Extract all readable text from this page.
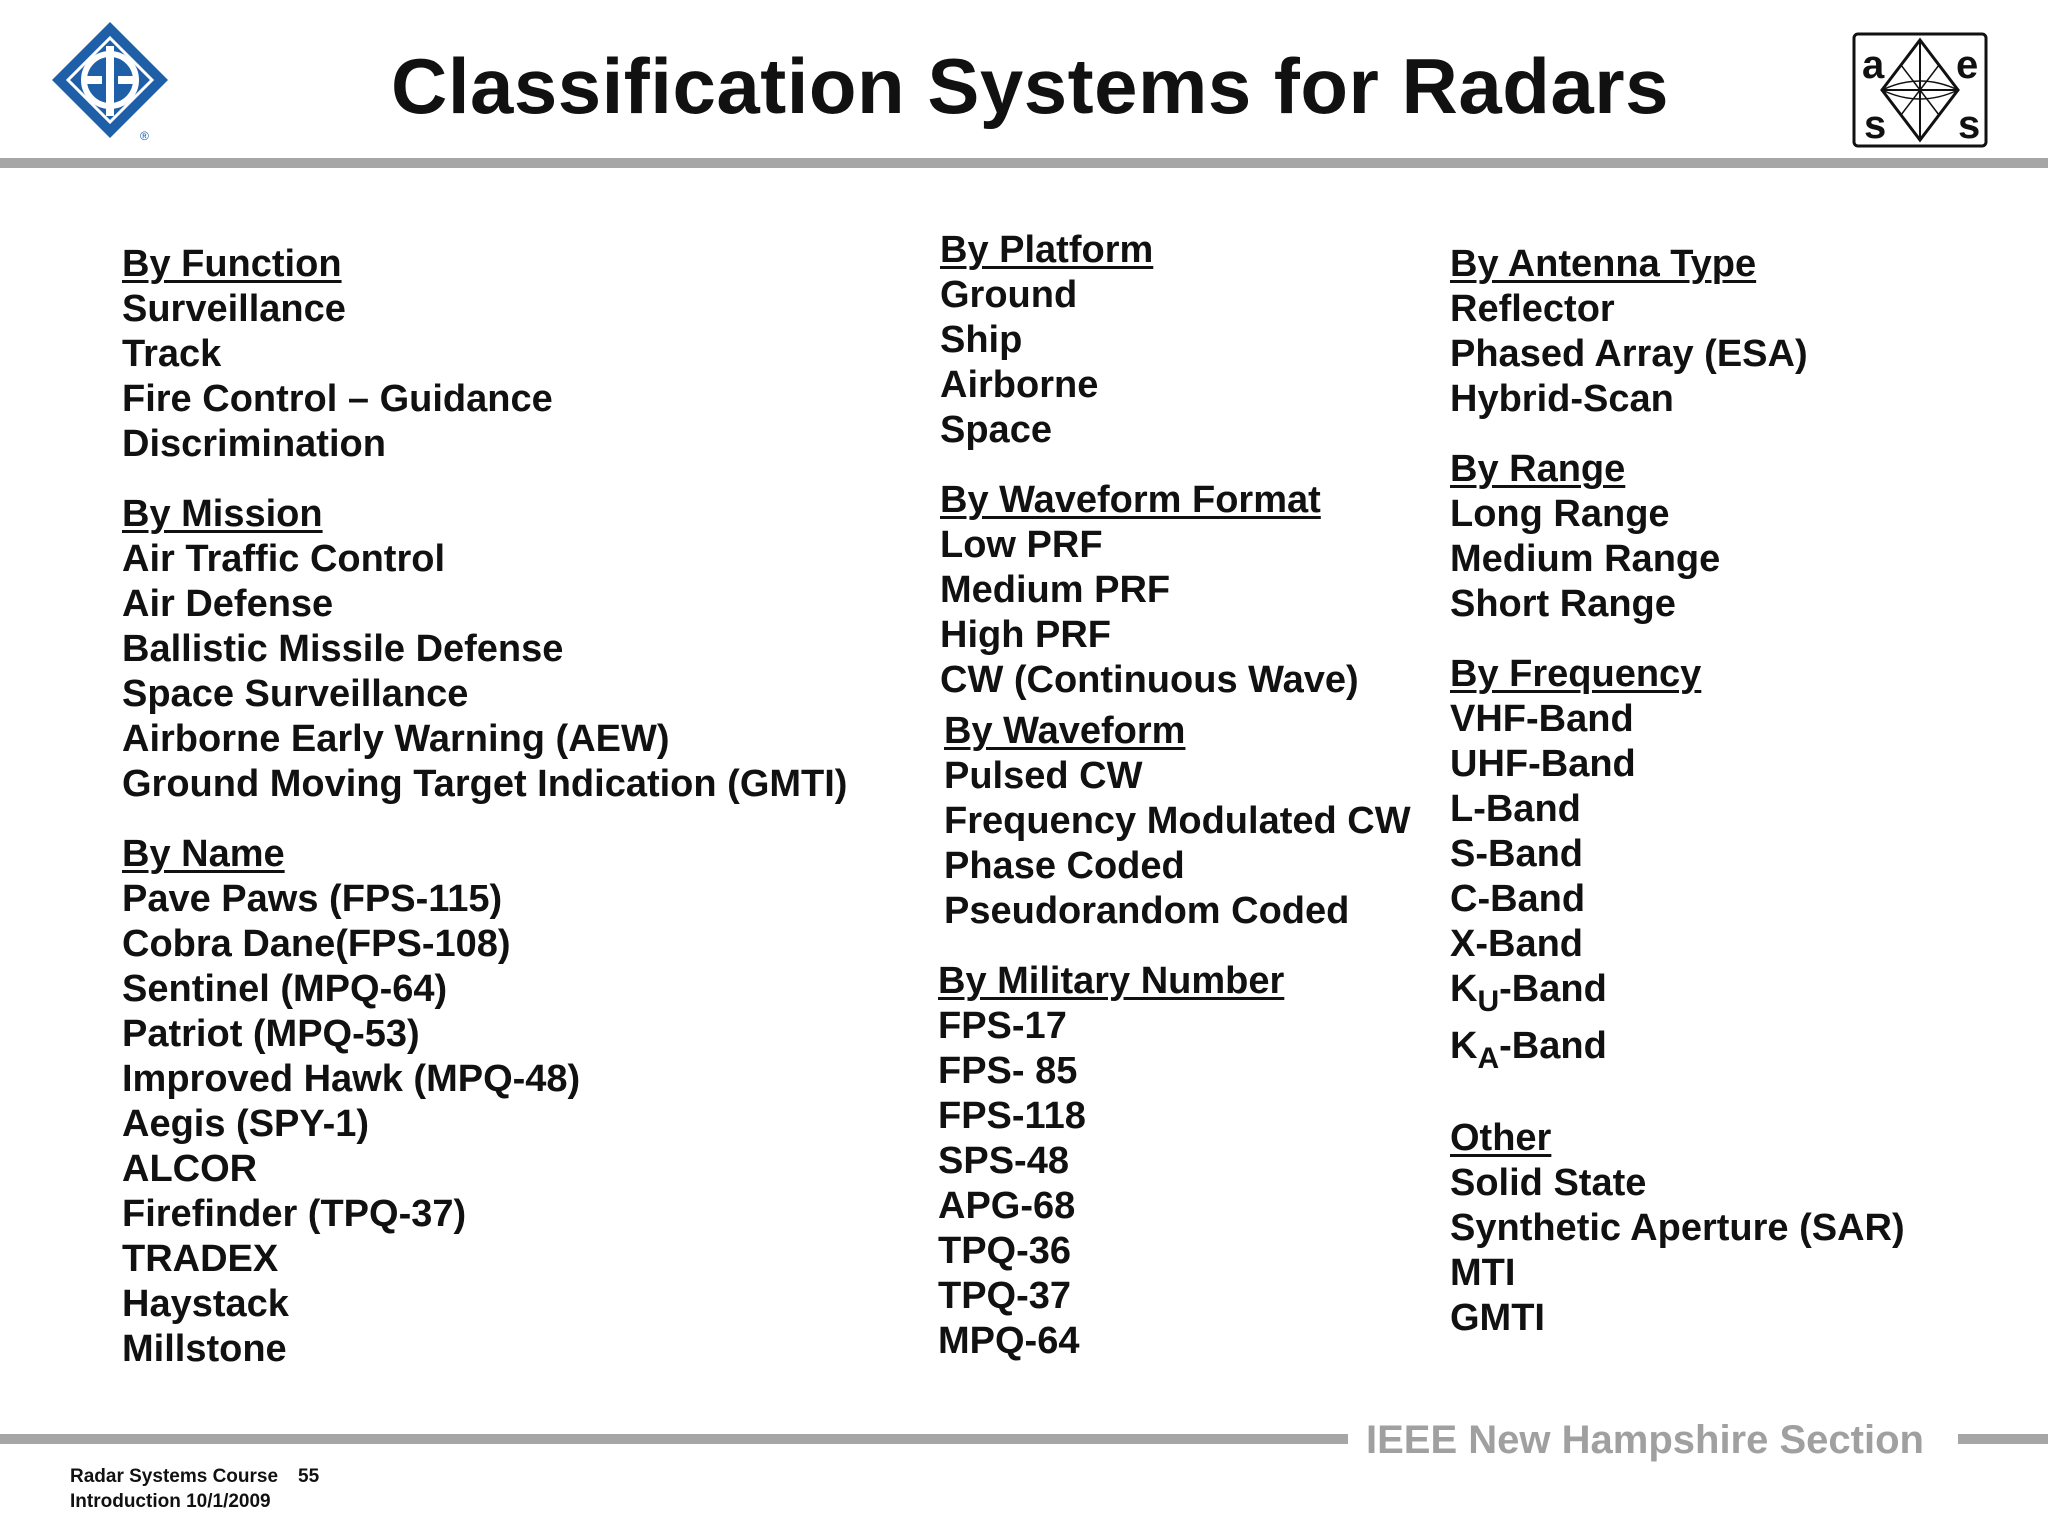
®
Classification Systems for Radars	a e
s s
By Function
Surveillance
Track
Fire Control – Guidance
Discrimination
By Mission
Air Traffic Control
Air Defense
Ballistic Missile Defense
Space Surveillance
Airborne Early Warning (AEW)
Ground Moving Target Indication (GMTI)
By Name
Pave Paws (FPS-115)
Cobra Dane(FPS-108)
Sentinel (MPQ-64)
Patriot (MPQ-53)
Improved Hawk (MPQ-48)
Aegis (SPY-1)
ALCOR
Firefinder (TPQ-37)
TRADEX
Haystack
Millstone
By Platform
Ground
Ship
Airborne
Space
By Waveform Format
Low PRF
Medium PRF
High PRF
CW (Continuous Wave)
By Waveform
Pulsed CW
Frequency Modulated CW
Phase Coded
Pseudorandom Coded
By Military Number
FPS-17
FPS- 85
FPS-118
SPS-48
APG-68
TPQ-36
TPQ-37
MPQ-64
By Antenna Type
Reflector
Phased Array (ESA)
Hybrid-Scan
By Range
Long Range
Medium Range
Short Range
By Frequency
VHF-Band
UHF-Band
L-Band
S-Band
C-Band
X-Band
$K_U$-Band
$K_A$-Band
Other
Solid State
Synthetic Aperture (SAR)
MTI
GMTI
IEEE New Hampshire Section
Radar Systems Course 55
Introduction 10/1/2009
